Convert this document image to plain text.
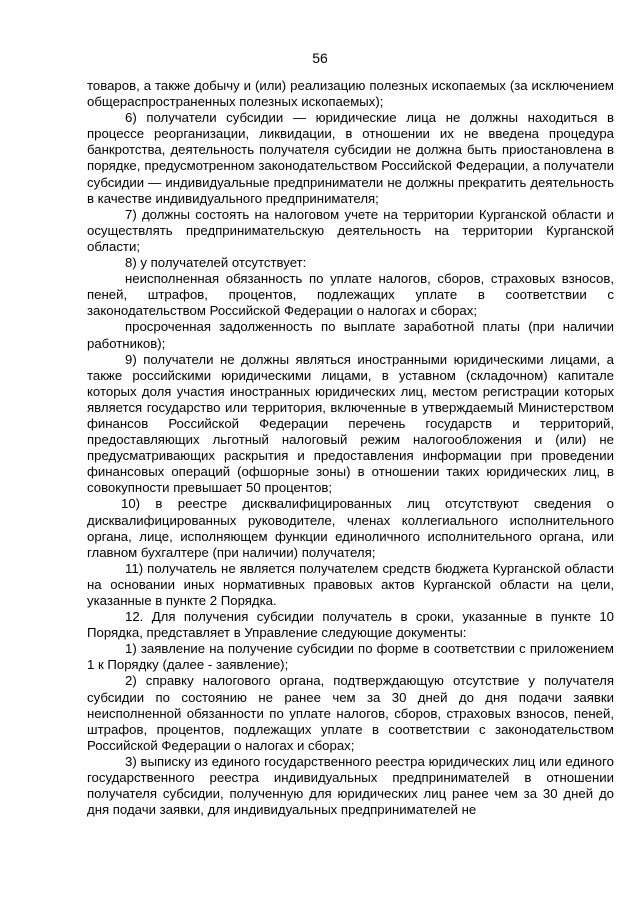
56

товаров, а также добычу и (или) реализацию полезных ископаемых (за исключением общераспространенных полезных ископаемых);

6) получатели субсидии — юридические лица не должны находиться в процессе реорганизации, ликвидации, в отношении их не введена процедура банкротства, деятельность получателя субсидии не должна быть приостановлена в порядке, предусмотренном законодательством Российской Федерации, а получатели субсидии — индивидуальные предприниматели не должны прекратить деятельность в качестве индивидуального предпринимателя;

7) должны состоять на налоговом учете на территории Курганской области и осуществлять предпринимательскую деятельность на территории Курганской области;

8) у получателей отсутствует:

неисполненная обязанность по уплате налогов, сборов, страховых взносов, пеней, штрафов, процентов, подлежащих уплате в соответствии с законодательством Российской Федерации о налогах и сборах;

просроченная задолженность по выплате заработной платы (при наличии работников);

9) получатели не должны являться иностранными юридическими лицами, а также российскими юридическими лицами, в уставном (складочном) капитале которых доля участия иностранных юридических лиц, местом регистрации которых является государство или территория, включенные в утверждаемый Министерством финансов Российской Федерации перечень государств и территорий, предоставляющих льготный налоговый режим налогообложения и (или) не предусматривающих раскрытия и предоставления информации при проведении финансовых операций (офшорные зоны) в отношении таких юридических лиц, в совокупности превышает 50 процентов;

10) в реестре дисквалифицированных лиц отсутствуют сведения о дисквалифицированных руководителе, членах коллегиального исполнительного органа, лице, исполняющем функции единоличного исполнительного органа, или главном бухгалтере (при наличии) получателя;

11) получатель не является получателем средств бюджета Курганской области на основании иных нормативных правовых актов Курганской области на цели, указанные в пункте 2 Порядка.

12. Для получения субсидии получатель в сроки, указанные в пункте 10 Порядка, представляет в Управление следующие документы:

1) заявление на получение субсидии по форме в соответствии с приложением 1 к Порядку (далее - заявление);

2) справку налогового органа, подтверждающую отсутствие у получателя субсидии по состоянию не ранее чем за 30 дней до дня подачи заявки неисполненной обязанности по уплате налогов, сборов, страховых взносов, пеней, штрафов, процентов, подлежащих уплате в соответствии с законодательством Российской Федерации о налогах и сборах;

3) выписку из единого государственного реестра юридических лиц или единого государственного реестра индивидуальных предпринимателей в отношении получателя субсидии, полученную для юридических лиц ранее чем за 30 дней до дня подачи заявки, для индивидуальных предпринимателей не
